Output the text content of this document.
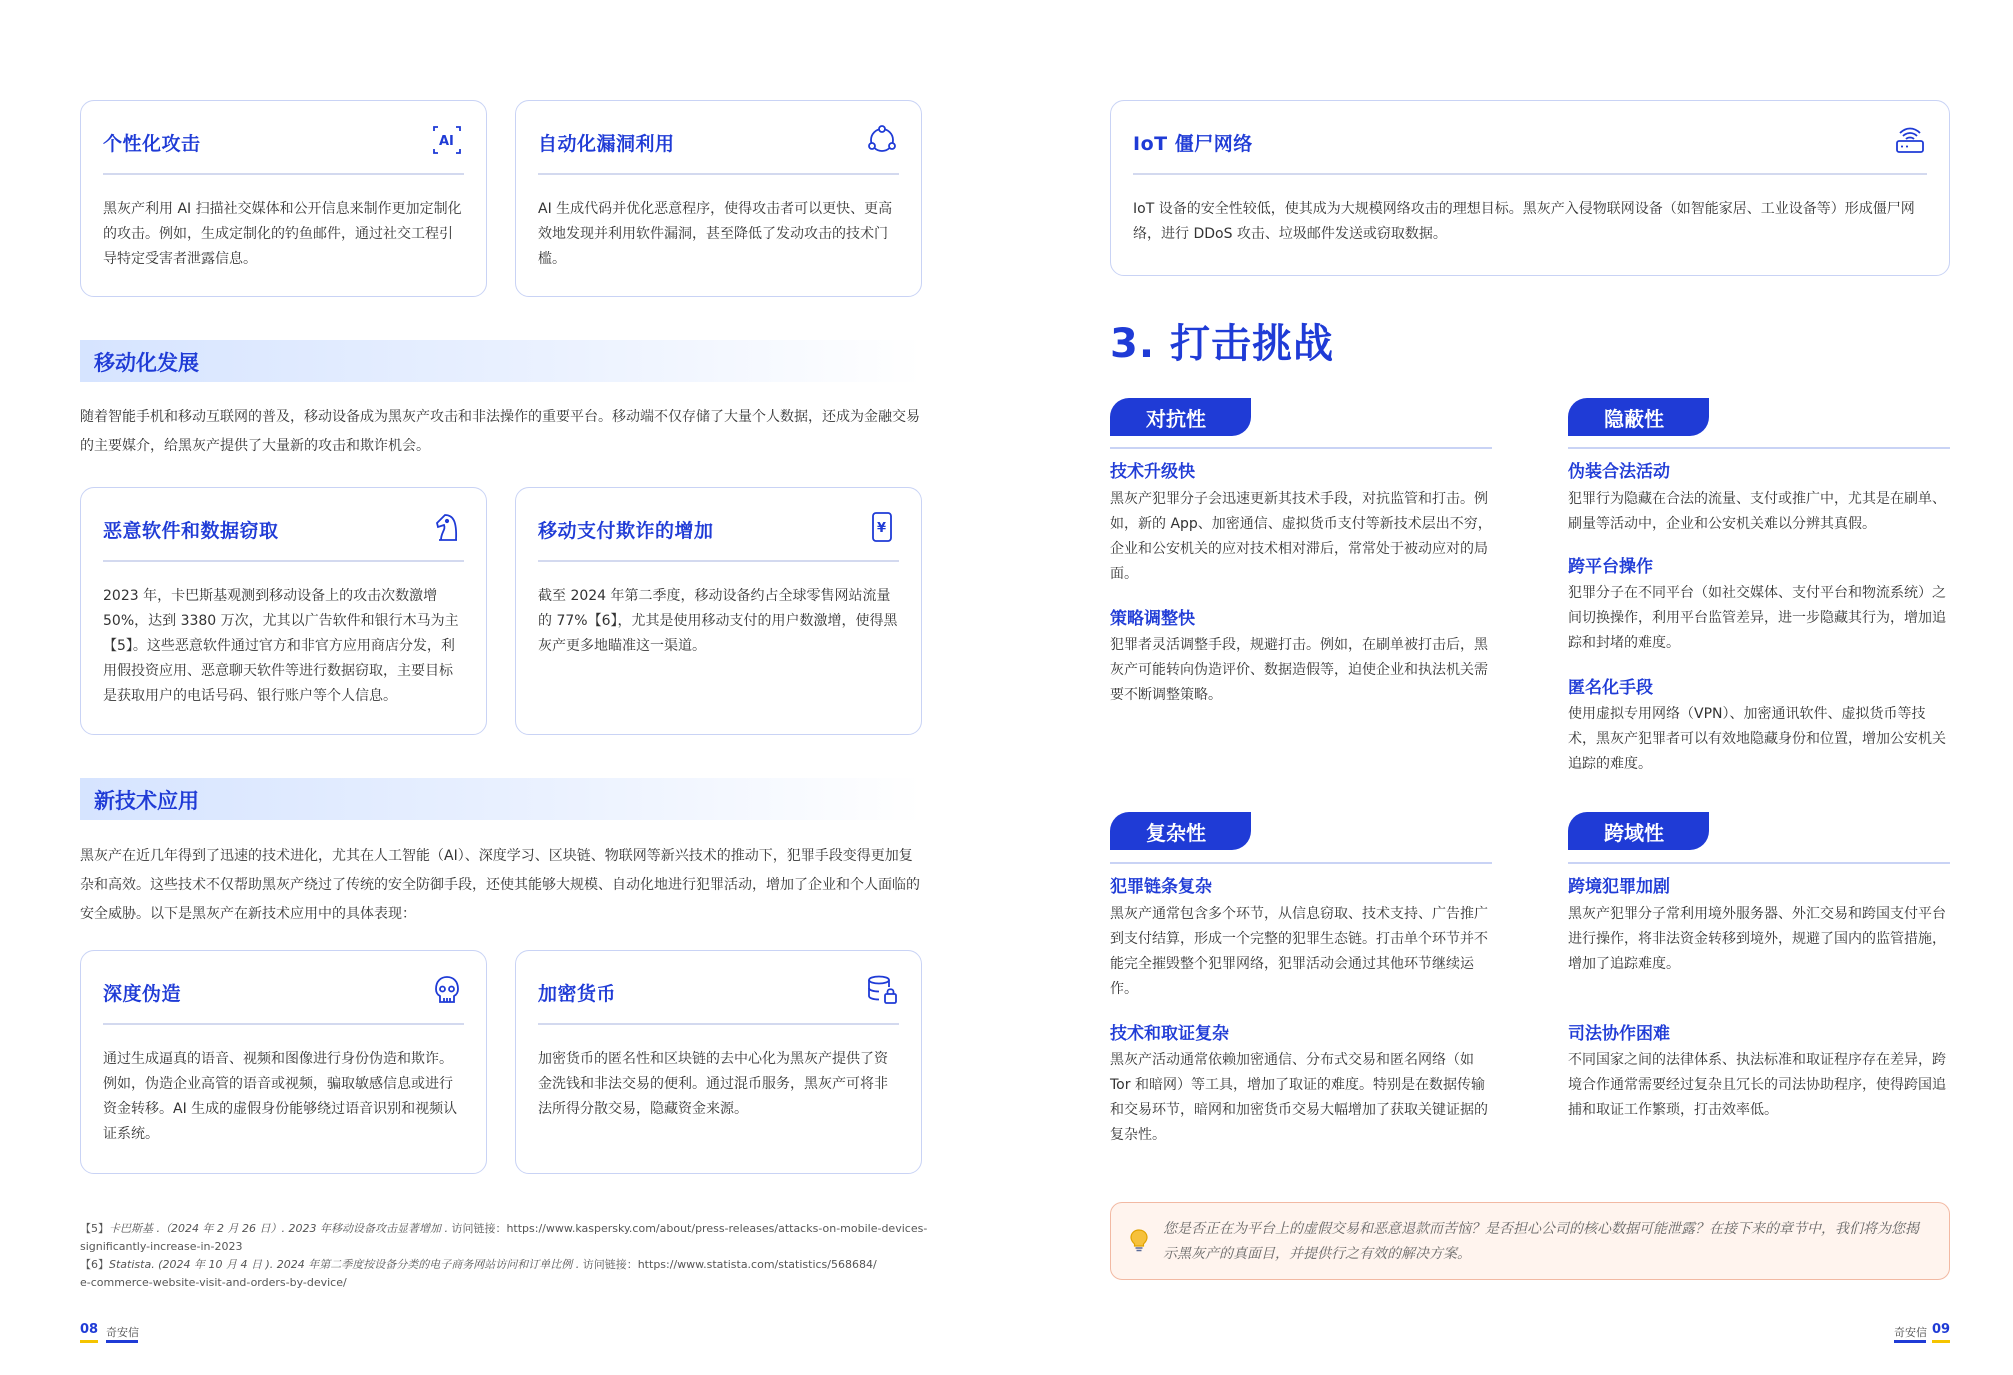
个性化攻击	AI
黑灰产利用 AI 扫描社交媒体和公开信息来制作更加定制化的攻击。例如，生成定制化的钓鱼邮件，通过社交工程引导特定受害者泄露信息。
自动化漏洞利用
AI 生成代码并优化恶意程序，使得攻击者可以更快、更高效地发现并利用软件漏洞，甚至降低了发动攻击的技术门槛。
移动化发展
随着智能手机和移动互联网的普及，移动设备成为黑灰产攻击和非法操作的重要平台。移动端不仅存储了大量个人数据，还成为金融交易的主要媒介，给黑灰产提供了大量新的攻击和欺诈机会。
恶意软件和数据窃取
2023 年，卡巴斯基观测到移动设备上的攻击次数激增 50%，达到 3380 万次，尤其以广告软件和银行木马为主【5】。这些恶意软件通过官方和非官方应用商店分发，利用假投资应用、恶意聊天软件等进行数据窃取，主要目标是获取用户的电话号码、银行账户等个人信息。
移动支付欺诈的增加	¥
截至 2024 年第二季度，移动设备约占全球零售网站流量的 77%【6】，尤其是使用移动支付的用户数激增，使得黑灰产更多地瞄准这一渠道。
新技术应用
黑灰产在近几年得到了迅速的技术进化，尤其在人工智能（AI）、深度学习、区块链、物联网等新兴技术的推动下，犯罪手段变得更加复杂和高效。这些技术不仅帮助黑灰产绕过了传统的安全防御手段，还使其能够大规模、自动化地进行犯罪活动，增加了企业和个人面临的安全威胁。以下是黑灰产在新技术应用中的具体表现：
深度伪造
通过生成逼真的语音、视频和图像进行身份伪造和欺诈。例如，伪造企业高管的语音或视频，骗取敏感信息或进行资金转移。AI 生成的虚假身份能够绕过语音识别和视频认证系统。
加密货币
加密货币的匿名性和区块链的去中心化为黑灰产提供了资金洗钱和非法交易的便利。通过混币服务，黑灰产可将非法所得分散交易，隐藏资金来源。
【5】卡巴斯基 .（2024 年 2 月 26 日）. 2023 年移动设备攻击显著增加 . 访问链接：https://www.kaspersky.com/about/press-releases/attacks-on-mobile-devices-
significantly-increase-in-2023
【6】Statista. (2024 年 10 月 4 日 ). 2024 年第二季度按设备分类的电子商务网站访问和订单比例 . 访问链接：https://www.statista.com/statistics/568684/
e-commerce-website-visit-and-orders-by-device/
08 奇安信
IoT 僵尸网络
IoT 设备的安全性较低，使其成为大规模网络攻击的理想目标。黑灰产入侵物联网设备（如智能家居、工业设备等）形成僵尸网络，进行 DDoS 攻击、垃圾邮件发送或窃取数据。
3. 打击挑战
对抗性
技术升级快
黑灰产犯罪分子会迅速更新其技术手段，对抗监管和打击。例如，新的 App、加密通信、虚拟货币支付等新技术层出不穷，企业和公安机关的应对技术相对滞后，常常处于被动应对的局面。
策略调整快
犯罪者灵活调整手段，规避打击。例如，在刷单被打击后，黑灰产可能转向伪造评价、数据造假等，迫使企业和执法机关需要不断调整策略。
隐蔽性
伪装合法活动
犯罪行为隐藏在合法的流量、支付或推广中，尤其是在刷单、刷量等活动中，企业和公安机关难以分辨其真假。
跨平台操作
犯罪分子在不同平台（如社交媒体、支付平台和物流系统）之间切换操作，利用平台监管差异，进一步隐藏其行为，增加追踪和封堵的难度。
匿名化手段
使用虚拟专用网络（VPN）、加密通讯软件、虚拟货币等技术，黑灰产犯罪者可以有效地隐藏身份和位置，增加公安机关追踪的难度。
复杂性
犯罪链条复杂
黑灰产通常包含多个环节，从信息窃取、技术支持、广告推广到支付结算，形成一个完整的犯罪生态链。打击单个环节并不能完全摧毁整个犯罪网络，犯罪活动会通过其他环节继续运作。
技术和取证复杂
黑灰产活动通常依赖加密通信、分布式交易和匿名网络（如 Tor 和暗网）等工具，增加了取证的难度。特别是在数据传输和交易环节，暗网和加密货币交易大幅增加了获取关键证据的复杂性。
跨域性
跨境犯罪加剧
黑灰产犯罪分子常利用境外服务器、外汇交易和跨国支付平台进行操作，将非法资金转移到境外，规避了国内的监管措施，增加了追踪难度。
司法协作困难
不同国家之间的法律体系、执法标准和取证程序存在差异，跨境合作通常需要经过复杂且冗长的司法协助程序，使得跨国追捕和取证工作繁琐，打击效率低。
您是否正在为平台上的虚假交易和恶意退款而苦恼？是否担心公司的核心数据可能泄露？在接下来的章节中，我们将为您揭示黑灰产的真面目，并提供行之有效的解决方案。
奇安信 09
